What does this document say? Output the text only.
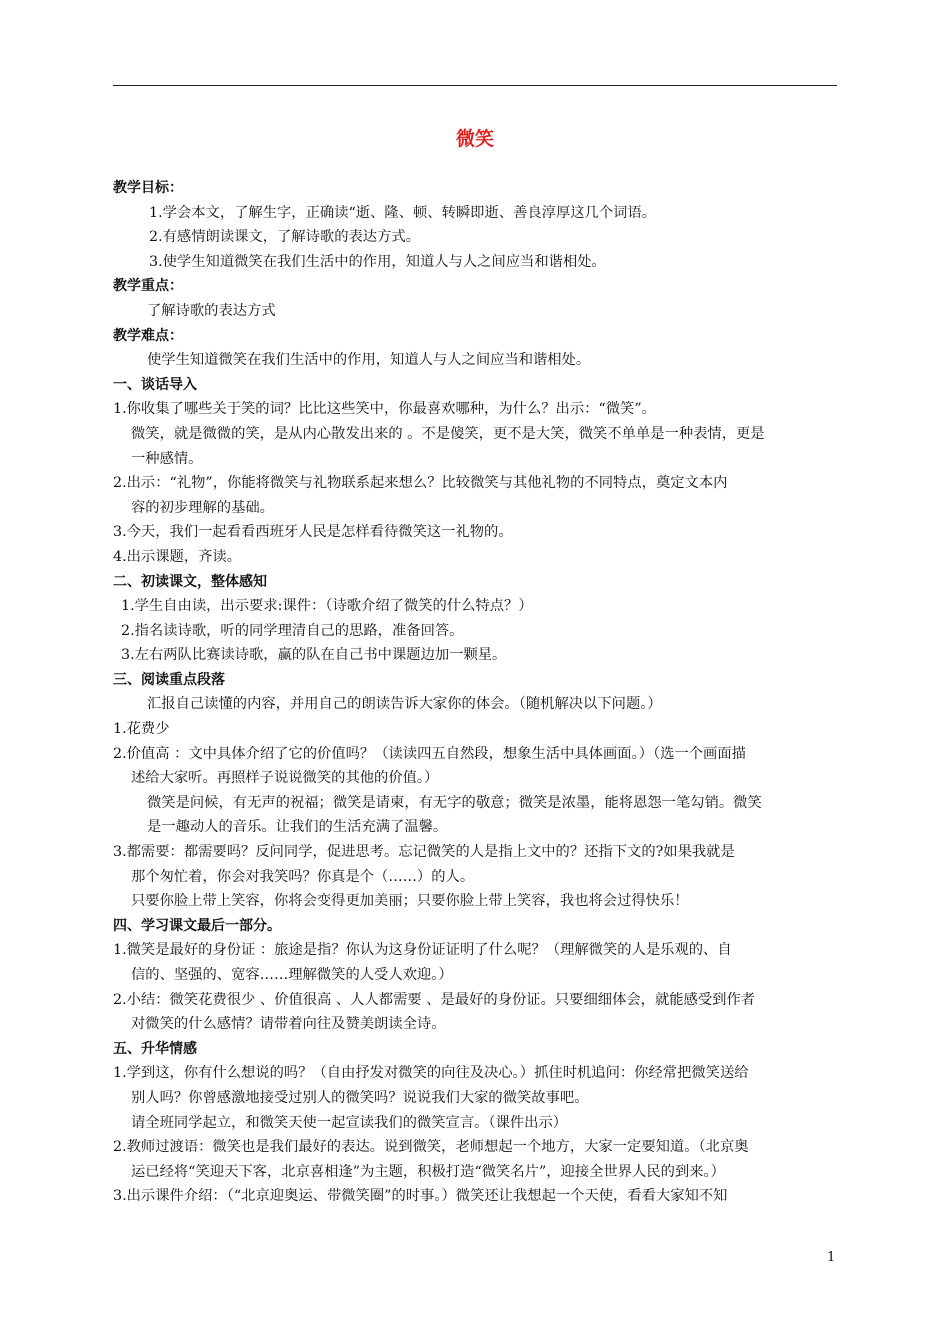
微笑
教学目标：
1.学会本文，了解生字，正确读“逝、隆、顿、转瞬即逝、善良淳厚这几个词语。
2.有感情朗读课文，了解诗歌的表达方式。
3.使学生知道微笑在我们生活中的作用，知道人与人之间应当和谐相处。
教学重点：
了解诗歌的表达方式
教学难点：
使学生知道微笑在我们生活中的作用，知道人与人之间应当和谐相处。
一、谈话导入
1.你收集了哪些关于笑的词？比比这些笑中，你最喜欢哪种，为什么？出示：“微笑”。
微笑，就是微微的笑，是从内心散发出来的 。不是傻笑，更不是大笑，微笑不单单是一种表情，更是
一种感情。
2.出示：“礼物”，你能将微笑与礼物联系起来想么？比较微笑与其他礼物的不同特点，奠定文本内
容的初步理解的基础。
3.今天，我们一起看看西班牙人民是怎样看待微笑这一礼物的。
4.出示课题，齐读。
二、初读课文，整体感知
1.学生自由读，出示要求:课件：（诗歌介绍了微笑的什么特点？）
2.指名读诗歌，听的同学理清自己的思路，准备回答。
3.左右两队比赛读诗歌，赢的队在自己书中课题边加一颗星。
三、阅读重点段落
汇报自己读懂的内容，并用自己的朗读告诉大家你的体会。（随机解决以下问题。）
1.花费少
2.价值高 ：文中具体介绍了它的价值吗？（读读四五自然段，想象生活中具体画面。）（选一个画面描
述给大家听。再照样子说说微笑的其他的价值。）
微笑是问候，有无声的祝福；微笑是请柬，有无字的敬意；微笑是浓墨，能将恩怨一笔勾销。微笑
是一趣动人的音乐。让我们的生活充满了温馨。
3.都需要：都需要吗？反问同学，促进思考。忘记微笑的人是指上文中的？还指下文的?如果我就是
那个匆忙着，你会对我笑吗？你真是个（……）的人。
只要你脸上带上笑容，你将会变得更加美丽；只要你脸上带上笑容，我也将会过得快乐！
四、学习课文最后一部分。
1.微笑是最好的身份证 ：旅途是指？你认为这身份证证明了什么呢？（理解微笑的人是乐观的、自
信的、坚强的、宽容……理解微笑的人受人欢迎。）
2.小结：微笑花费很少 、价值很高 、人人都需要 、是最好的身份证。只要细细体会，就能感受到作者
对微笑的什么感情？请带着向往及赞美朗读全诗。
五、升华情感
1.学到这，你有什么想说的吗？（自由抒发对微笑的向往及决心。）抓住时机追问：你经常把微笑送给
别人吗？你曾感激地接受过别人的微笑吗？说说我们大家的微笑故事吧。
请全班同学起立，和微笑天使一起宣读我们的微笑宣言。（课件出示）
2.教师过渡语：微笑也是我们最好的表达。说到微笑，老师想起一个地方，大家一定要知道。（北京奥
运已经将“笑迎天下客，北京喜相逢”为主题，积极打造“微笑名片”，迎接全世界人民的到来。）
3.出示课件介绍：（“北京迎奥运、带微笑圈”的时事。）微笑还让我想起一个天使，看看大家知不知
1
